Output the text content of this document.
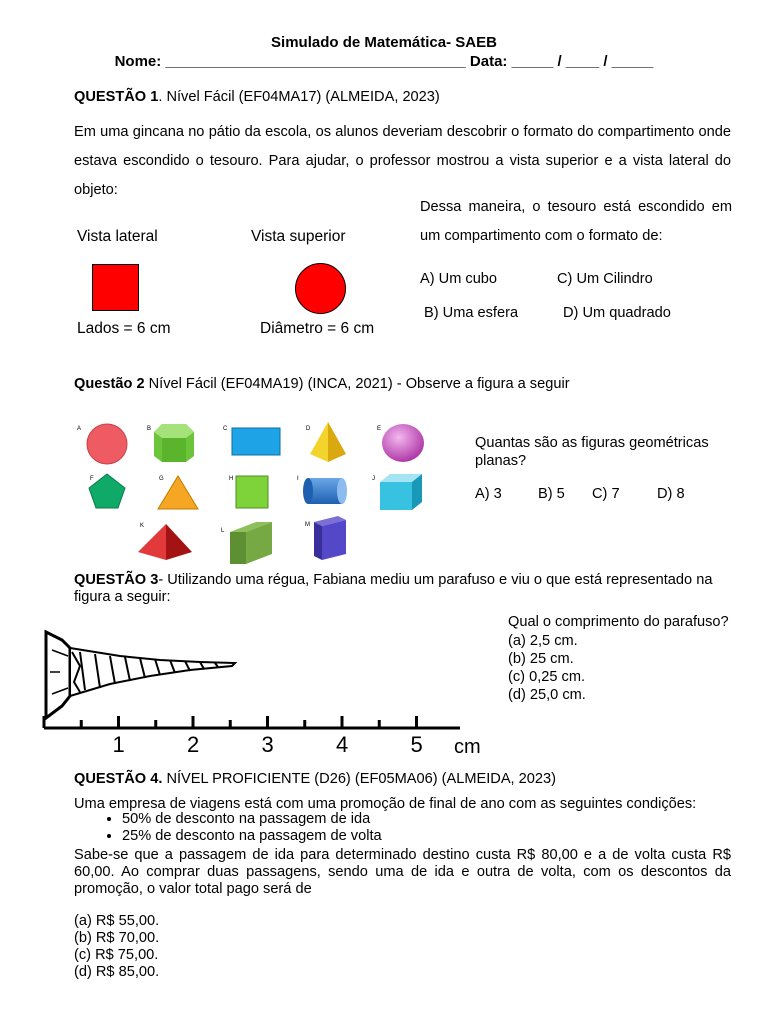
Simulado de Matemática- SAEB
Nome: ____________________________________ Data: _____ / ____ / _____
QUESTÃO 1. Nível Fácil (EF04MA17) (ALMEIDA, 2023)
Em uma gincana no pátio da escola, os alunos deveriam descobrir o formato do compartimento onde estava escondido o tesouro. Para ajudar, o professor mostrou a vista superior e a vista lateral do objeto:
Vista lateral
Lados = 6 cm
Vista superior
Diâmetro = 6 cm
Dessa maneira, o tesouro está escondido em um compartimento com o formato de:
A) Um cubo	C) Um Cilindro
B) Uma esfera	D) Um quadrado
Questão 2 Nível Fácil (EF04MA19) (INCA, 2021) - Observe a figura a seguir
A	B	C	D	E
F	G	H	I	J
K
L
M
Quantas são as figuras geométricas planas?
A) 3 B) 5 C) 7	D) 8
QUESTÃO 3- Utilizando uma régua, Fabiana mediu um parafuso e viu o que está representado na figura a seguir:
1	2	3	4	5 cm
Qual o comprimento do parafuso?
(a) 2,5 cm.
(b) 25 cm.
(c) 0,25 cm.
(d) 25,0 cm.
QUESTÃO 4. NÍVEL PROFICIENTE (D26) (EF05MA06) (ALMEIDA, 2023)
Uma empresa de viagens está com uma promoção de final de ano com as seguintes condições:
• 50% de desconto na passagem de ida
• 25% de desconto na passagem de volta
Sabe-se que a passagem de ida para determinado destino custa R$ 80,00 e a de volta custa R$ 60,00. Ao comprar duas passagens, sendo uma de ida e outra de volta, com os descontos da promoção, o valor total pago será de
(a) R$ 55,00.
(b) R$ 70,00.
(c) R$ 75,00.
(d) R$ 85,00.
